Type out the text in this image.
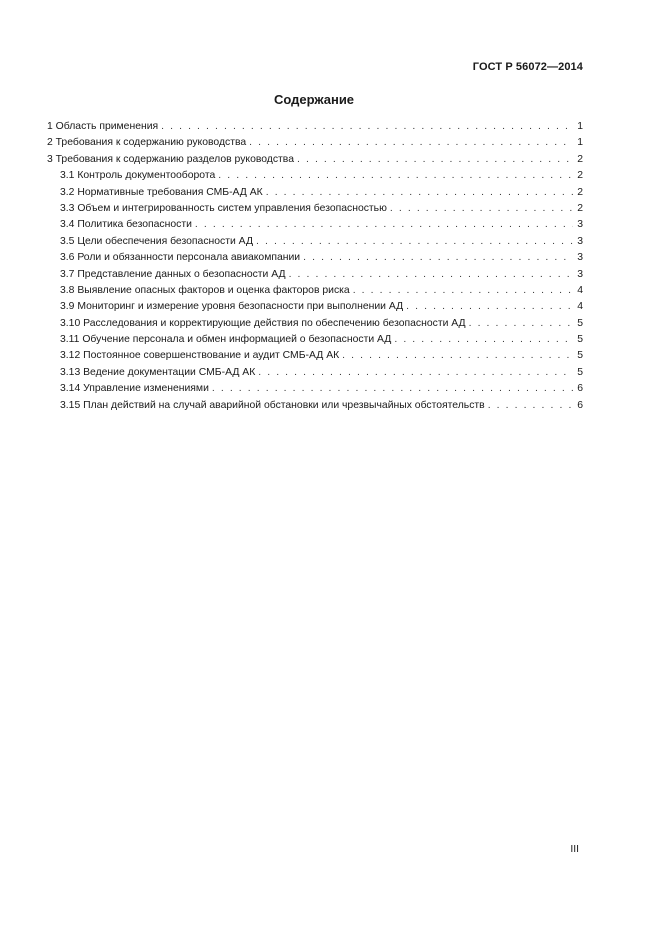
ГОСТ Р 56072—2014
Содержание
1 Область применения . . .	1
2 Требования к содержанию руководства . . .	1
3 Требования к содержанию разделов руководства . . .	2
3.1 Контроль документооборота . . .	2
3.2 Нормативные требования СМБ-АД АК . . .	2
3.3 Объем и интегрированность систем управления безопасностью . . .	2
3.4 Политика безопасности . . .	3
3.5 Цели обеспечения безопасности АД . . .	3
3.6 Роли и обязанности персонала авиакомпании . . .	3
3.7 Представление данных о безопасности АД . . .	3
3.8 Выявление опасных факторов и оценка факторов риска . . .	4
3.9 Мониторинг и измерение уровня безопасности при выполнении АД . . .	4
3.10 Расследования и корректирующие действия по обеспечению безопасности АД . . .	5
3.11 Обучение персонала и обмен информацией о безопасности АД . . .	5
3.12 Постоянное совершенствование и аудит СМБ-АД АК . . .	5
3.13 Ведение документации СМБ-АД АК . . .	5
3.14 Управление изменениями . . .	6
3.15 План действий на случай аварийной обстановки или чрезвычайных обстоятельств . . .	6
III
